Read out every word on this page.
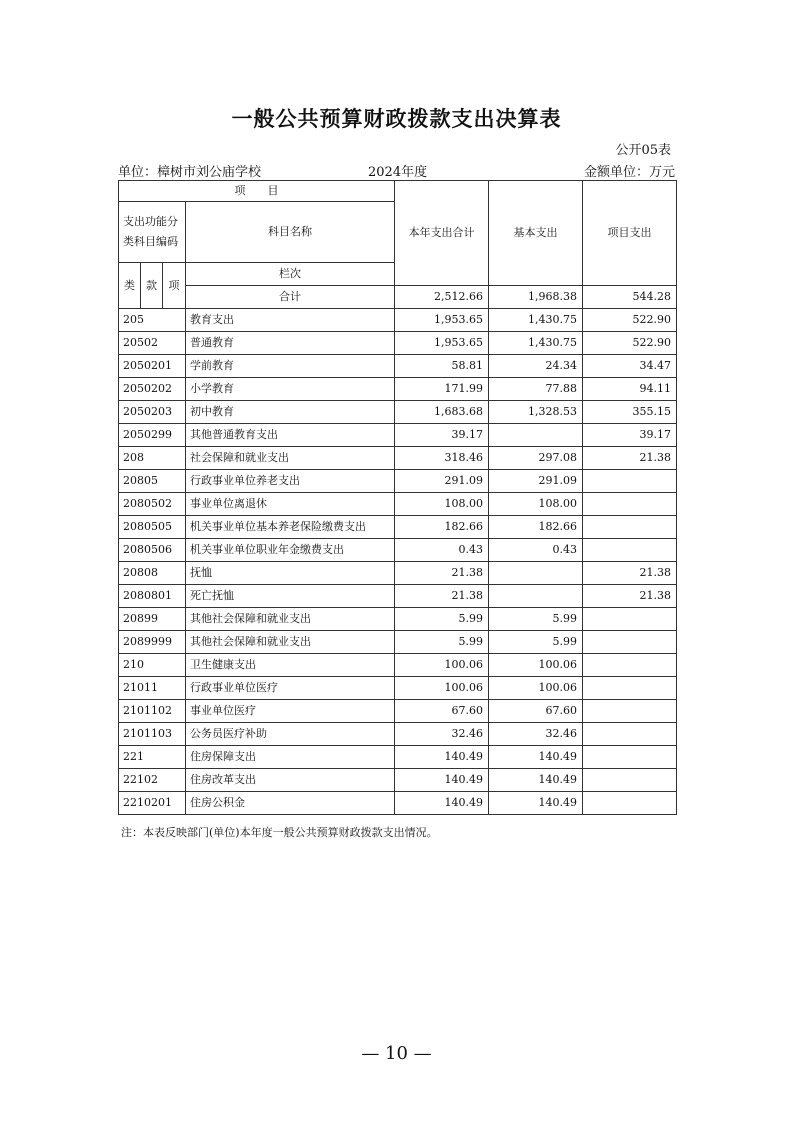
一般公共预算财政拨款支出决算表
公开05表
单位：樟树市刘公庙学校	2024年度	金额单位：万元
项　　目				本年支出合计	基本支出	项目支出	
支出功能分类科目编码			科目名称				
类	款	项	栏次			
			合计	2,512.66	1,968.38	544.28	
205			教育支出	1,953.65	1,430.75	522.90	
20502			普通教育	1,953.65	1,430.75	522.90	
2050201			学前教育	58.81	24.34	34.47	
2050202			小学教育	171.99	77.88	94.11	
2050203			初中教育	1,683.68	1,328.53	355.15	
2050299			其他普通教育支出	39.17		39.17	
208			社会保障和就业支出	318.46	297.08	21.38	
20805			行政事业单位养老支出	291.09	291.09		
2080502			事业单位离退休	108.00	108.00		
2080505			机关事业单位基本养老保险缴费支出	182.66	182.66		
2080506			机关事业单位职业年金缴费支出	0.43	0.43		
20808			抚恤	21.38		21.38	
2080801			死亡抚恤	21.38		21.38	
20899			其他社会保障和就业支出	5.99	5.99		
2089999			其他社会保障和就业支出	5.99	5.99		
210			卫生健康支出	100.06	100.06		
21011			行政事业单位医疗	100.06	100.06		
2101102			事业单位医疗	67.60	67.60		
2101103			公务员医疗补助	32.46	32.46		
221			住房保障支出	140.49	140.49		
22102			住房改革支出	140.49	140.49		
2210201			住房公积金	140.49	140.49		
注：本表反映部门(单位)本年度一般公共预算财政拨款支出情况。
— 10 —
